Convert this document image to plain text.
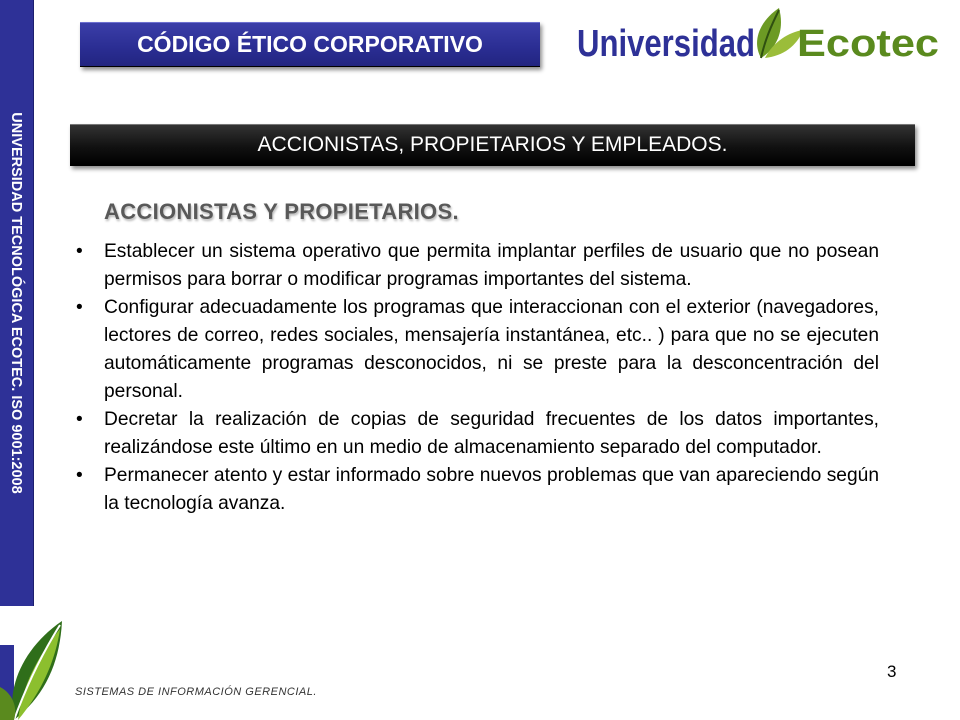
UNIVERSIDAD TECNOLÓGICA ECOTEC. ISO 9001:2008
CÓDIGO ÉTICO CORPORATIVO	Universidad Ecotec
ACCIONISTAS, PROPIETARIOS Y EMPLEADOS.
ACCIONISTAS Y PROPIETARIOS.
• Establecer un sistema operativo que permita implantar perfiles de usuario que no posean permisos para borrar o modificar programas importantes del sistema.
• Configurar adecuadamente los programas que interaccionan con el exterior (navegadores, lectores de correo, redes sociales, mensajería instantánea, etc.. ) para que no se ejecuten automáticamente programas desconocidos, ni se preste para la desconcentración del personal.
• Decretar la realización de copias de seguridad frecuentes de los datos importantes, realizándose este último en un medio de almacenamiento separado del computador.
• Permanecer atento y estar informado sobre nuevos problemas que van apareciendo según la tecnología avanza.
SISTEMAS DE INFORMACIÓN GERENCIAL.
3
